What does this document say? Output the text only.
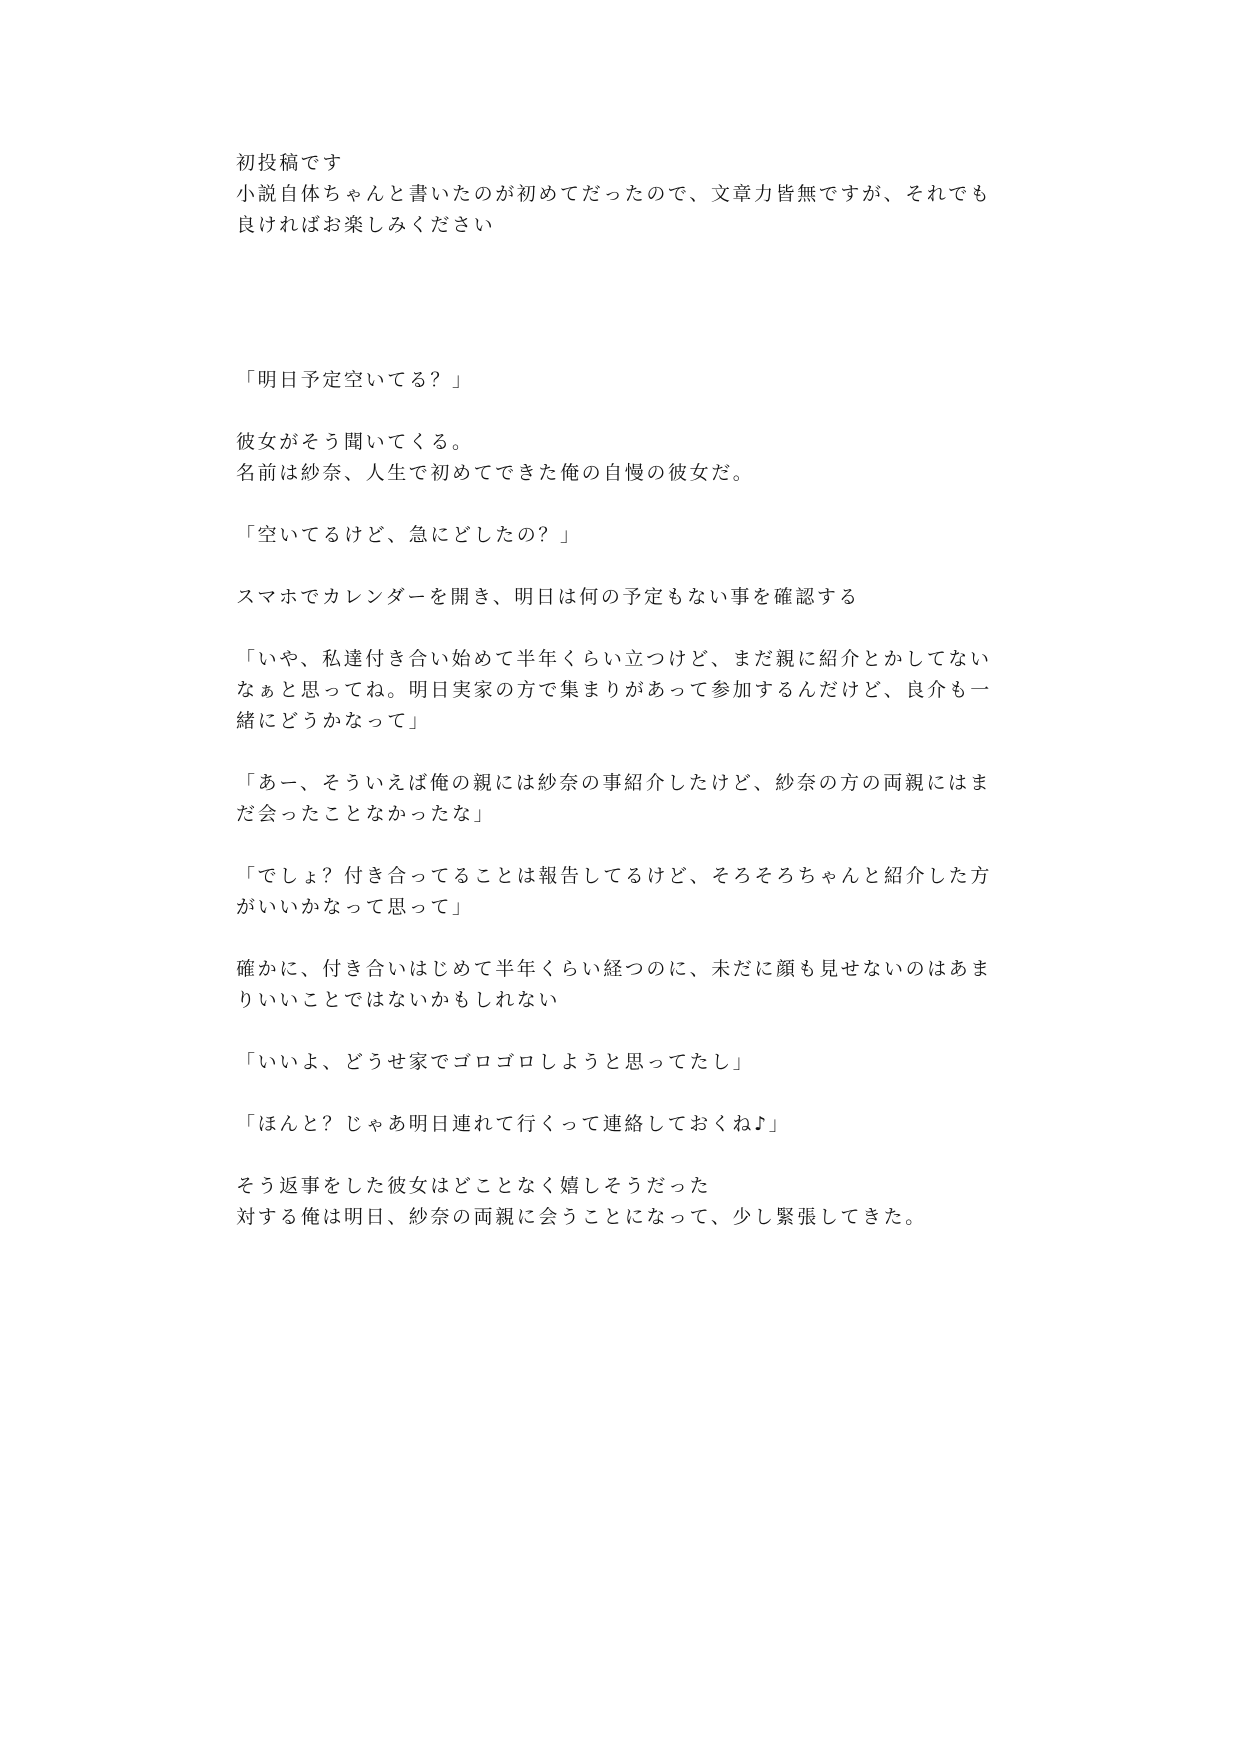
初投稿です
小説自体ちゃんと書いたのが初めてだったので、文章力皆無ですが、それでも
良ければお楽しみください
「明日予定空いてる？」
彼女がそう聞いてくる。
名前は紗奈、人生で初めてできた俺の自慢の彼女だ。
「空いてるけど、急にどしたの？」
スマホでカレンダーを開き、明日は何の予定もない事を確認する
「いや、私達付き合い始めて半年くらい立つけど、まだ親に紹介とかしてない
なぁと思ってね。明日実家の方で集まりがあって参加するんだけど、良介も一
緒にどうかなって」
「あー、そういえば俺の親には紗奈の事紹介したけど、紗奈の方の両親にはま
だ会ったことなかったな」
「でしょ？付き合ってることは報告してるけど、そろそろちゃんと紹介した方
がいいかなって思って」
確かに、付き合いはじめて半年くらい経つのに、未だに顔も見せないのはあま
りいいことではないかもしれない
「いいよ、どうせ家でゴロゴロしようと思ってたし」
「ほんと？じゃあ明日連れて行くって連絡しておくね♪」
そう返事をした彼女はどことなく嬉しそうだった
対する俺は明日、紗奈の両親に会うことになって、少し緊張してきた。
